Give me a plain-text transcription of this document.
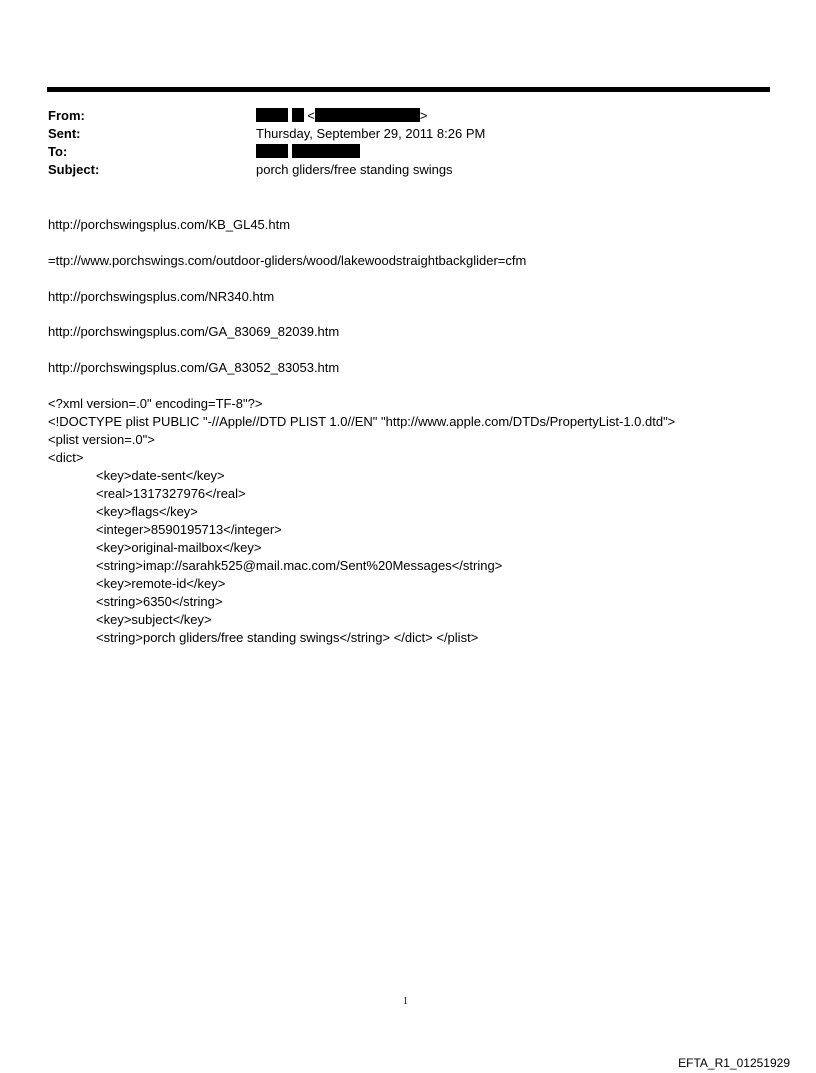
From:	<	>
Sent:	Thursday, September 29, 2011 8:26 PM
To:

Subject:	porch gliders/free standing swings
http://porchswingsplus.com/KB_GL45.htm
=ttp://www.porchswings.com/outdoor-gliders/wood/lakewoodstraightbackglider=cfm
http://porchswingsplus.com/NR340.htm
http://porchswingsplus.com/GA_83069_82039.htm
http://porchswingsplus.com/GA_83052_83053.htm
<?xml version=.0" encoding=TF-8"?>
<!DOCTYPE plist PUBLIC "-//Apple//DTD PLIST 1.0//EN" "http://www.apple.com/DTDs/PropertyList-1.0.dtd">
<plist version=.0">
<dict>
<key>date-sent</key>
<real>1317327976</real>
<key>flags</key>
<integer>8590195713</integer>
<key>original-mailbox</key>
<string>imap://sarahk525@mail.mac.com/Sent%20Messages</string>
<key>remote-id</key>
<string>6350</string>
<key>subject</key>
<string>porch gliders/free standing swings</string> </dict> </plist>
1
EFTA_R1_01251929
